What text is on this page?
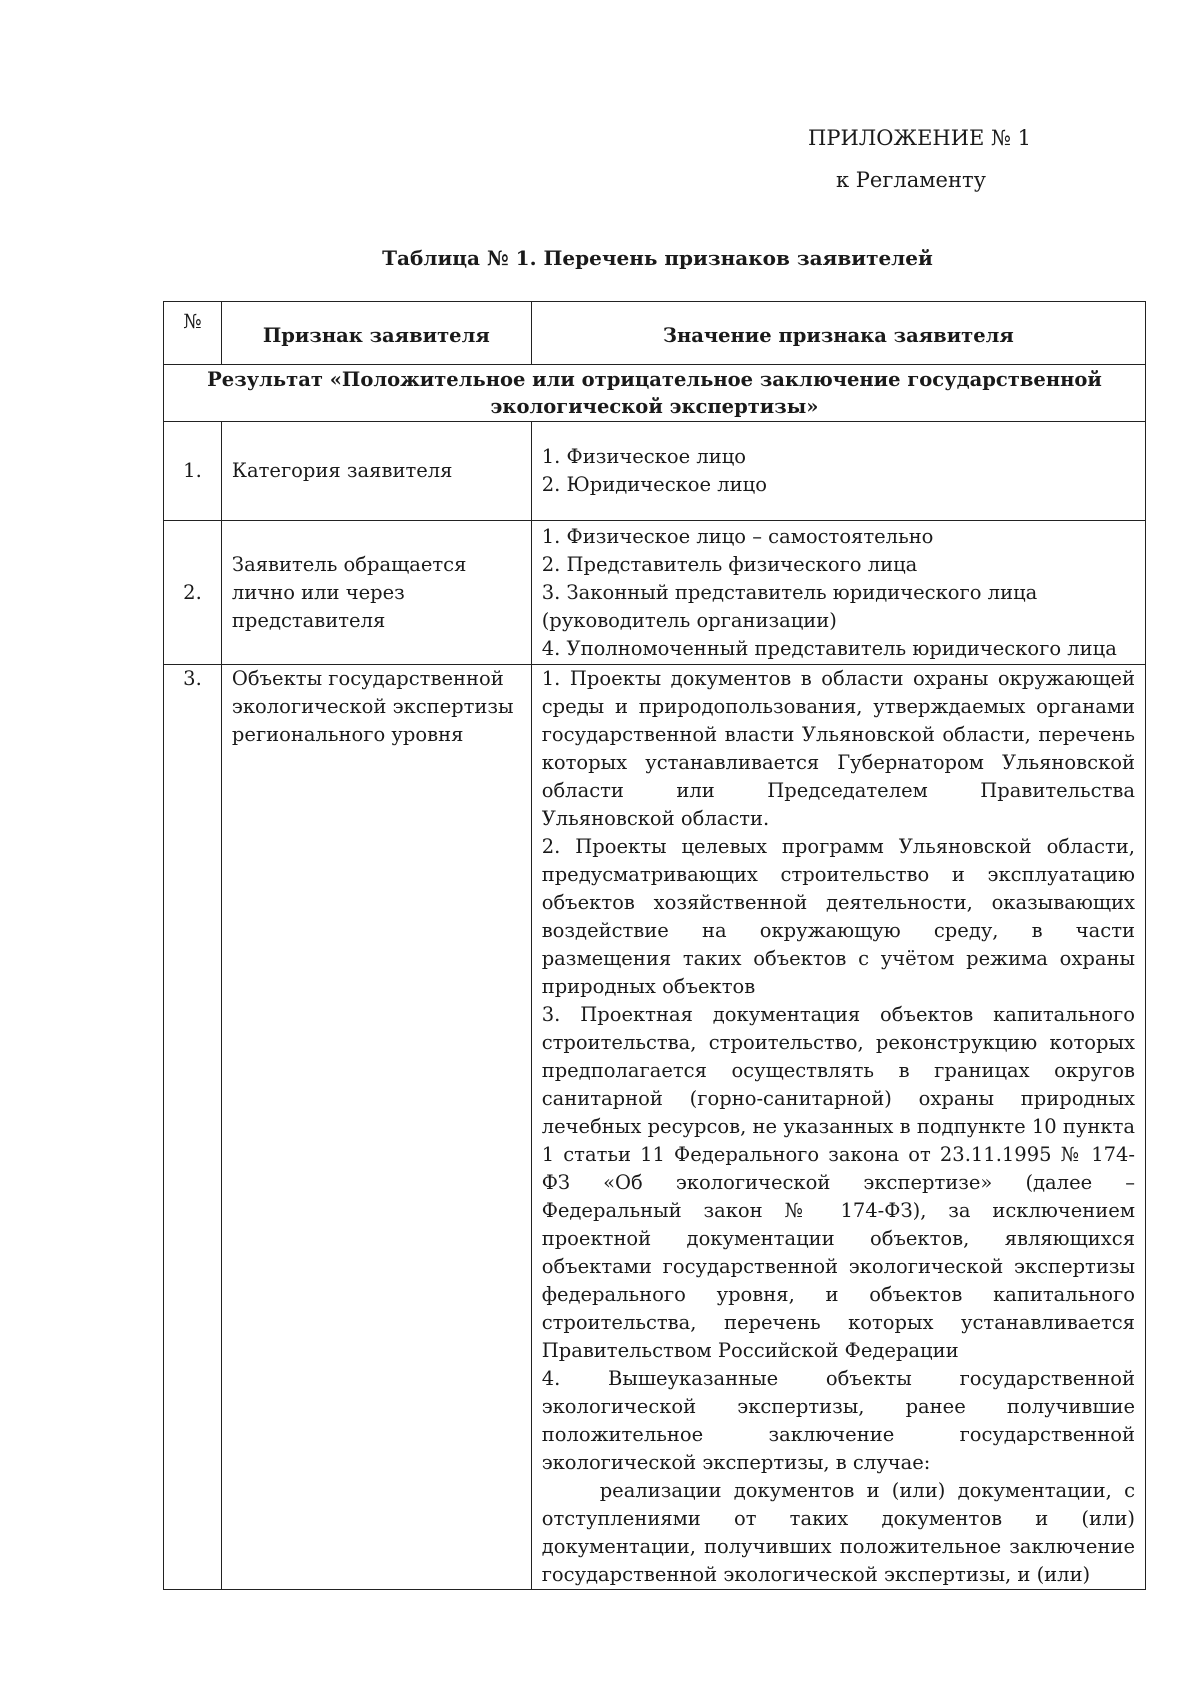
ПРИЛОЖЕНИЕ № 1
к Регламенту
Таблица № 1. Перечень признаков заявителей
№	Признак заявителя	Значение признака заявителя
Результат «Положительное или отрицательное заключение государственной экологической экспертизы»		
1.	Категория заявителя	1. Физическое лицо

2. Юридическое лицо

2.	Заявитель обращается лично или через представителя	1. Физическое лицо – самостоятельно

2. Представитель физического лица

3. Законный представитель юридического лица (руководитель организации)

4. Уполномоченный представитель юридического лица

3.	Объекты государственной экологической экспертизы регионального уровня	1. Проекты документов в области охраны окружающей среды и природопользования, утверждаемых органами государственной власти Ульяновской области, перечень которых устанавливается Губернатором Ульяновской области или Председателем Правительства Ульяновской области.

2. Проекты целевых программ Ульяновской области, предусматривающих строительство и эксплуатацию объектов хозяйственной деятельности, оказывающих воздействие на окружающую среду, в части размещения таких объектов с учётом режима охраны природных объектов

3. Проектная документация объектов капитального строительства, строительство, реконструкцию которых предполагается осуществлять в границах округов санитарной (горно-санитарной) охраны природных лечебных ресурсов, не указанных в подпункте 10 пункта 1 статьи 11 Федерального закона от 23.11.1995 № 174-ФЗ «Об экологической экспертизе» (далее – Федеральный закон № 174-ФЗ), за исключением проектной документации объектов, являющихся объектами государственной экологической экспертизы федерального уровня, и объектов капитального строительства, перечень которых устанавливается Правительством Российской Федерации

4. Вышеуказанные объекты государственной экологической экспертизы, ранее получившие положительное заключение государственной экологической экспертизы, в случае:

реализации документов и (или) документации, с отступлениями от таких документов и (или) документации, получивших положительное заключение государственной экологической экспертизы, и (или)
